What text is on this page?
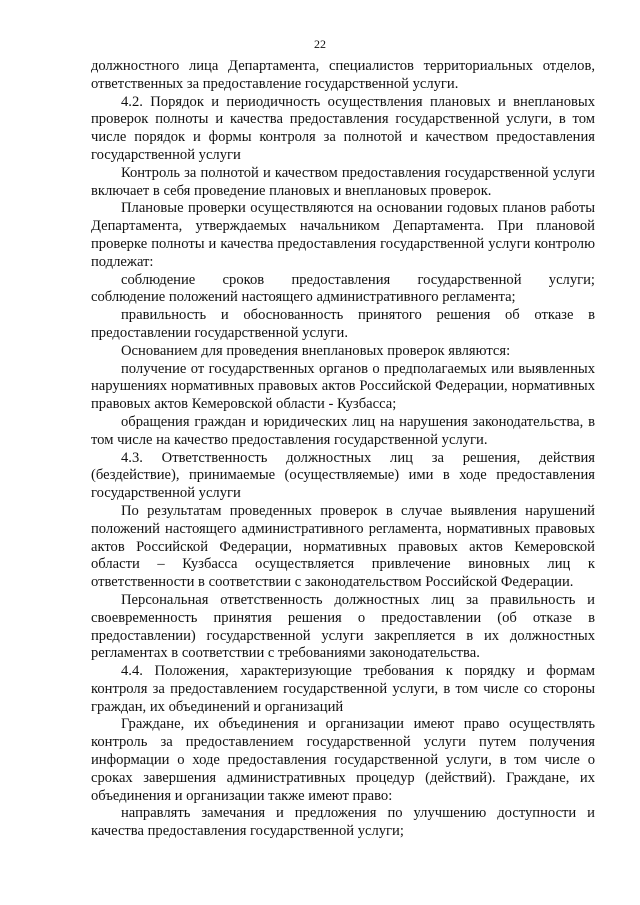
22

должностного лица Департамента, специалистов территориальных отделов, ответственных за предоставление государственной услуги.

4.2. Порядок и периодичность осуществления плановых и внеплановых проверок полноты и качества предоставления государственной услуги, в том числе порядок и формы контроля за полнотой и качеством предоставления государственной услуги

Контроль за полнотой и качеством предоставления государственной услуги включает в себя проведение плановых и внеплановых проверок.

Плановые проверки осуществляются на основании годовых планов работы Департамента, утверждаемых начальником Департамента. При плановой проверке полноты и качества предоставления государственной услуги контролю подлежат:

соблюдение сроков предоставления государственной услуги;

соблюдение положений настоящего административного регламента;

правильность и обоснованность принятого решения об отказе в предоставлении государственной услуги.

Основанием для проведения внеплановых проверок являются:

получение от государственных органов о предполагаемых или выявленных нарушениях нормативных правовых актов Российской Федерации, нормативных правовых актов Кемеровской области - Кузбасса;

обращения граждан и юридических лиц на нарушения законодательства, в том числе на качество предоставления государственной услуги.

4.3. Ответственность должностных лиц за решения, действия (бездействие), принимаемые (осуществляемые) ими в ходе предоставления государственной услуги

По результатам проведенных проверок в случае выявления нарушений положений настоящего административного регламента, нормативных правовых актов Российской Федерации, нормативных правовых актов Кемеровской области – Кузбасса осуществляется привлечение виновных лиц к ответственности в соответствии с законодательством Российской Федерации.

Персональная ответственность должностных лиц за правильность и своевременность принятия решения о предоставлении (об отказе в предоставлении) государственной услуги закрепляется в их должностных регламентах в соответствии с требованиями законодательства.

4.4. Положения, характеризующие требования к порядку и формам контроля за предоставлением государственной услуги, в том числе со стороны граждан, их объединений и организаций

Граждане, их объединения и организации имеют право осуществлять контроль за предоставлением государственной услуги путем получения информации о ходе предоставления государственной услуги, в том числе о сроках завершения административных процедур (действий). Граждане, их объединения и организации также имеют право:

направлять замечания и предложения по улучшению доступности и качества предоставления государственной услуги;
